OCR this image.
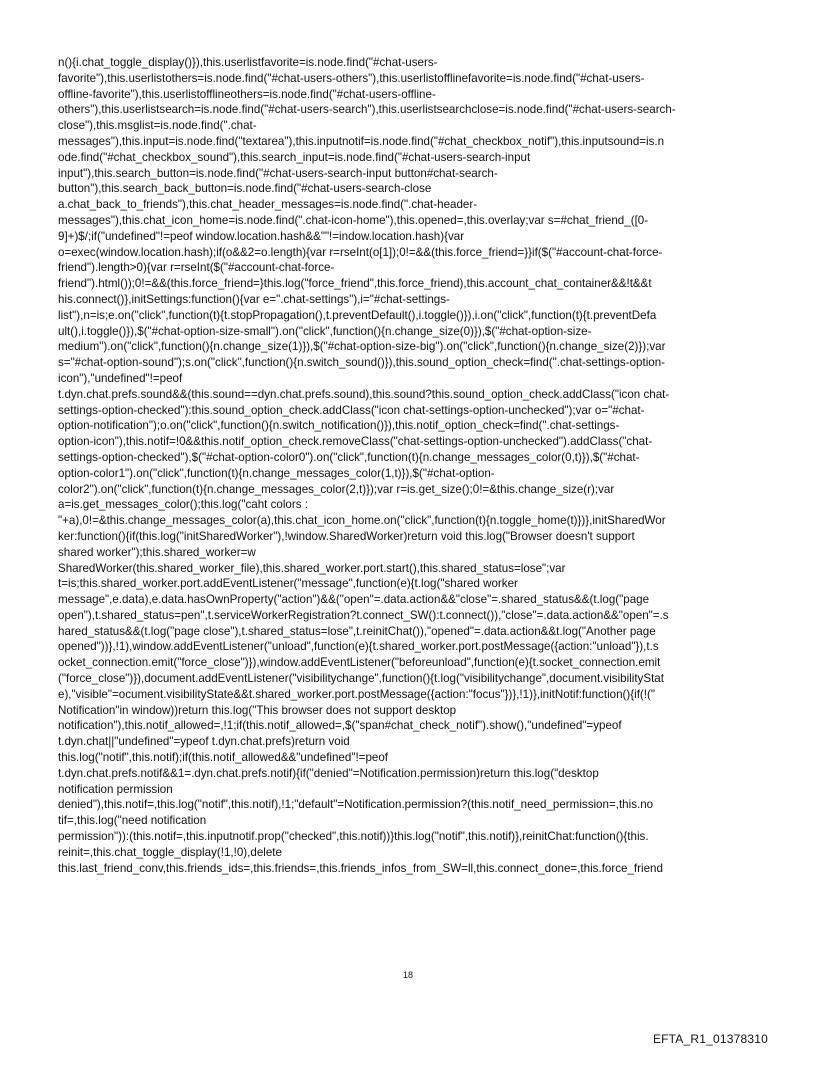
n(){i.chat_toggle_display()}),this.userlistfavorite=is.node.find("#chat-users-
favorite"),this.userlistothers=is.node.find("#chat-users-others"),this.userlistofflinefavorite=is.node.find("#chat-users-
offline-favorite"),this.userlistofflineothers=is.node.find("#chat-users-offline-
others"),this.userlistsearch=is.node.find("#chat-users-search"),this.userlistsearchclose=is.node.find("#chat-users-search-
close"),this.msglist=is.node.find(".chat-
messages"),this.input=is.node.find("textarea"),this.inputnotif=is.node.find("#chat_checkbox_notif"),this.inputsound=is.n
ode.find("#chat_checkbox_sound"),this.search_input=is.node.find("#chat-users-search-input
input"),this.search_button=is.node.find("#chat-users-search-input button#chat-search-
button"),this.search_back_button=is.node.find("#chat-users-search-close
a.chat_back_to_friends"),this.chat_header_messages=is.node.find(".chat-header-
messages"),this.chat_icon_home=is.node.find(".chat-icon-home"),this.opened=,this.overlay;var s=#chat_friend_([0-
9]+)$/;if("undefined"!=peof window.location.hash&&""!=indow.location.hash){var
o=exec(window.location.hash);if(o&&2=o.length){var r=rseInt(o[1]);0!=&&(this.force_friend=}}if($("#account-chat-force-
friend").length>0){var r=rseInt($("#account-chat-force-
friend").html());0!=&&(this.force_friend=}this.log("force_friend",this.force_friend),this.account_chat_container&&!t&&t
his.connect()},initSettings:function(){var e=".chat-settings"),i="#chat-settings-
list"),n=is;e.on("click",function(t){t.stopPropagation(),t.preventDefault(),i.toggle()}),i.on("click",function(t){t.preventDefa
ult(),i.toggle()}),$("#chat-option-size-small").on("click",function(){n.change_size(0)}),$("#chat-option-size-
medium").on("click",function(){n.change_size(1)}),$("#chat-option-size-big").on("click",function(){n.change_size(2)});var
s="#chat-option-sound");s.on("click",function(){n.switch_sound()}),this.sound_option_check=find(".chat-settings-option-
icon"),"undefined"!=peof
t.dyn.chat.prefs.sound&&(this.sound==dyn.chat.prefs.sound),this.sound?this.sound_option_check.addClass("icon chat-
settings-option-checked"):this.sound_option_check.addClass("icon chat-settings-option-unchecked");var o="#chat-
option-notification");o.on("click",function(){n.switch_notification()}),this.notif_option_check=find(".chat-settings-
option-icon"),this.notif=!0&&this.notif_option_check.removeClass("chat-settings-option-unchecked").addClass("chat-
settings-option-checked"),$("#chat-option-color0").on("click",function(t){n.change_messages_color(0,t)}),$("#chat-
option-color1").on("click",function(t){n.change_messages_color(1,t)}),$("#chat-option-
color2").on("click",function(t){n.change_messages_color(2,t)});var r=is.get_size();0!=&this.change_size(r);var
a=is.get_messages_color();this.log("caht colors :
"+a),0!=&this.change_messages_color(a),this.chat_icon_home.on("click",function(t){n.toggle_home(t)})},initSharedWor
ker:function(){if(this.log("initSharedWorker"),!window.SharedWorker)return void this.log("Browser doesn't support
shared worker");this.shared_worker=w
SharedWorker(this.shared_worker_file),this.shared_worker.port.start(),this.shared_status=lose";var
t=is;this.shared_worker.port.addEventListener("message",function(e){t.log("shared worker
message",e.data),e.data.hasOwnProperty("action")&&("open"=.data.action&&"close"=.shared_status&&(t.log("page
open"),t.shared_status=pen",t.serviceWorkerRegistration?t.connect_SW():t.connect()),"close"=.data.action&&"open"=.s
hared_status&&(t.log("page close"),t.shared_status=lose",t.reinitChat()),"opened"=.data.action&&t.log("Another page
opened"))},!1),window.addEventListener("unload",function(e){t.shared_worker.port.postMessage({action:"unload"}),t.s
ocket_connection.emit("force_close")}),window.addEventListener("beforeunload",function(e){t.socket_connection.emit
("force_close")}),document.addEventListener("visibilitychange",function(){t.log("visibilitychange",document.visibilityStat
e),"visible"=ocument.visibilityState&&t.shared_worker.port.postMessage({action:"focus"})},!1)},initNotif:function(){if(!("
Notification"in window))return this.log("This browser does not support desktop
notification"),this.notif_allowed=,!1;if(this.notif_allowed=,$("span#chat_check_notif").show(),"undefined"=ypeof
t.dyn.chat||"undefined"=ypeof t.dyn.chat.prefs)return void
this.log("notif",this.notif);if(this.notif_allowed&&"undefined"!=peof
t.dyn.chat.prefs.notif&&1=.dyn.chat.prefs.notif){if("denied"=Notification.permission)return this.log("desktop
notification permission
denied"),this.notif=,this.log("notif",this.notif),!1;"default"=Notification.permission?(this.notif_need_permission=,this.no
tif=,this.log("need notification
permission")):(this.notif=,this.inputnotif.prop("checked",this.notif))}this.log("notif",this.notif)},reinitChat:function(){this.
reinit=,this.chat_toggle_display(!1,!0),delete
this.last_friend_conv,this.friends_ids=,this.friends=,this.friends_infos_from_SW=ll,this.connect_done=,this.force_friend
18
EFTA_R1_01378310
